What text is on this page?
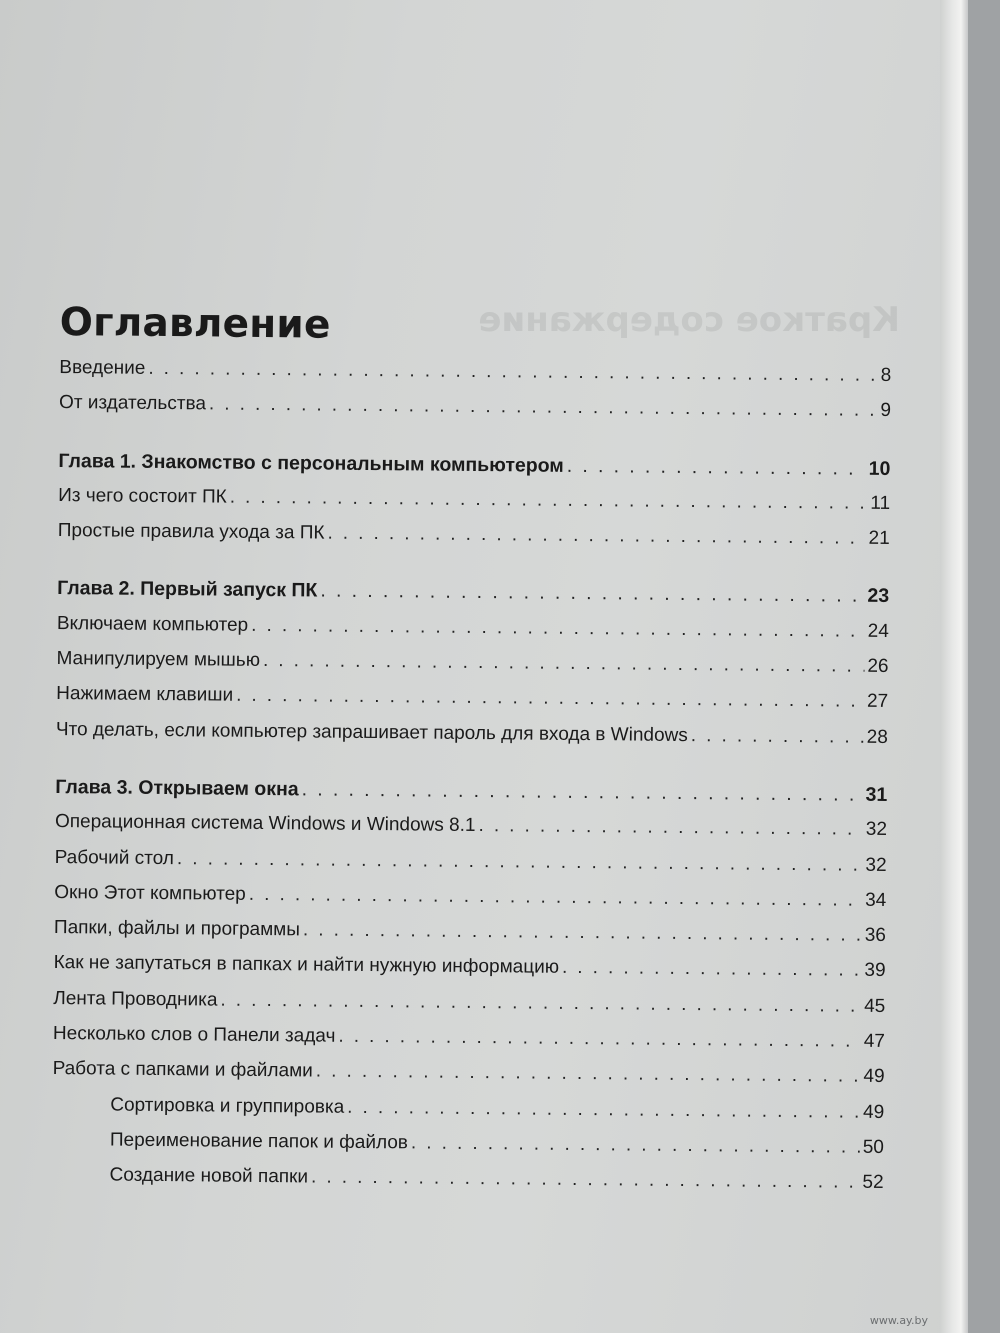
Краткое содержание
Оглавление
Введение . . .	8
От издательства . . .	9
Глава 1. Знакомство с персональным компьютером . . .	10
Из чего состоит ПК . . .	11
Простые правила ухода за ПК . . .	21
Глава 2. Первый запуск ПК . . .	23
Включаем компьютер . . .	24
Манипулируем мышью . . .	26
Нажимаем клавиши . . .	27
Что делать, если компьютер запрашивает пароль для входа в Windows . . .	28
Глава 3. Открываем окна . . .	31
Операционная система Windows и Windows 8.1 . . .	32
Рабочий стол . . .	32
Окно Этот компьютер . . .	34
Папки, файлы и программы . . .	36
Как не запутаться в папках и найти нужную информацию . . .	39
Лента Проводника . . .	45
Несколько слов о Панели задач . . .	47
Работа с папками и файлами . . .	49
Сортировка и группировка . . .	49
Переименование папок и файлов . . .	50
Создание новой папки . . .	52
www.ay.by
